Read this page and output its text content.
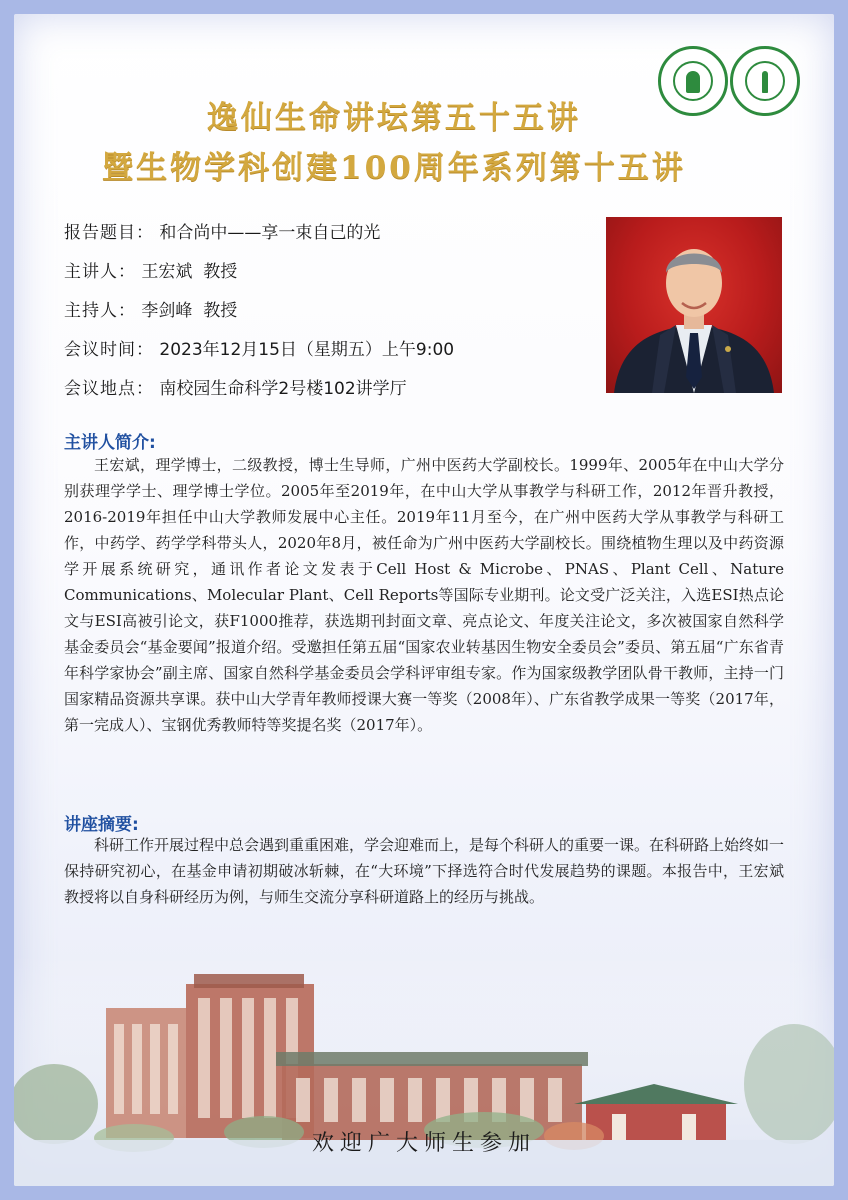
逸仙生命讲坛第五十五讲
暨生物学科创建100周年系列第十五讲
报告题目： 和合尚中——享一束自己的光
主讲人： 王宏斌  教授
主持人： 李剑峰  教授
会议时间： 2023年12月15日（星期五）上午9:00
会议地点： 南校园生命科学2号楼102讲学厅
主讲人简介:
王宏斌，理学博士，二级教授，博士生导师，广州中医药大学副校长。1999年、2005年在中山大学分别获理学学士、理学博士学位。2005年至2019年，在中山大学从事教学与科研工作，2012年晋升教授，2016-2019年担任中山大学教师发展中心主任。2019年11月至今，在广州中医药大学从事教学与科研工作，中药学、药学学科带头人，2020年8月，被任命为广州中医药大学副校长。围绕植物生理以及中药资源学开展系统研究，通讯作者论文发表于Cell Host & Microbe、PNAS、Plant Cell、Nature Communications、Molecular Plant、Cell Reports等国际专业期刊。论文受广泛关注，入选ESI热点论文与ESI高被引论文，获F1000推荐，获选期刊封面文章、亮点论文、年度关注论文，多次被国家自然科学基金委员会“基金要闻”报道介绍。受邀担任第五届“国家农业转基因生物安全委员会”委员、第五届“广东省青年科学家协会”副主席、国家自然科学基金委员会学科评审组专家。作为国家级教学团队骨干教师，主持一门国家精品资源共享课。获中山大学青年教师授课大赛一等奖（2008年）、广东省教学成果一等奖（2017年，第一完成人）、宝钢优秀教师特等奖提名奖（2017年）。
讲座摘要:
科研工作开展过程中总会遇到重重困难，学会迎难而上，是每个科研人的重要一课。在科研路上始终如一保持研究初心，在基金申请初期破冰斩棘，在“大环境”下择选符合时代发展趋势的课题。本报告中，王宏斌教授将以自身科研经历为例，与师生交流分享科研道路上的经历与挑战。
欢迎广大师生参加
